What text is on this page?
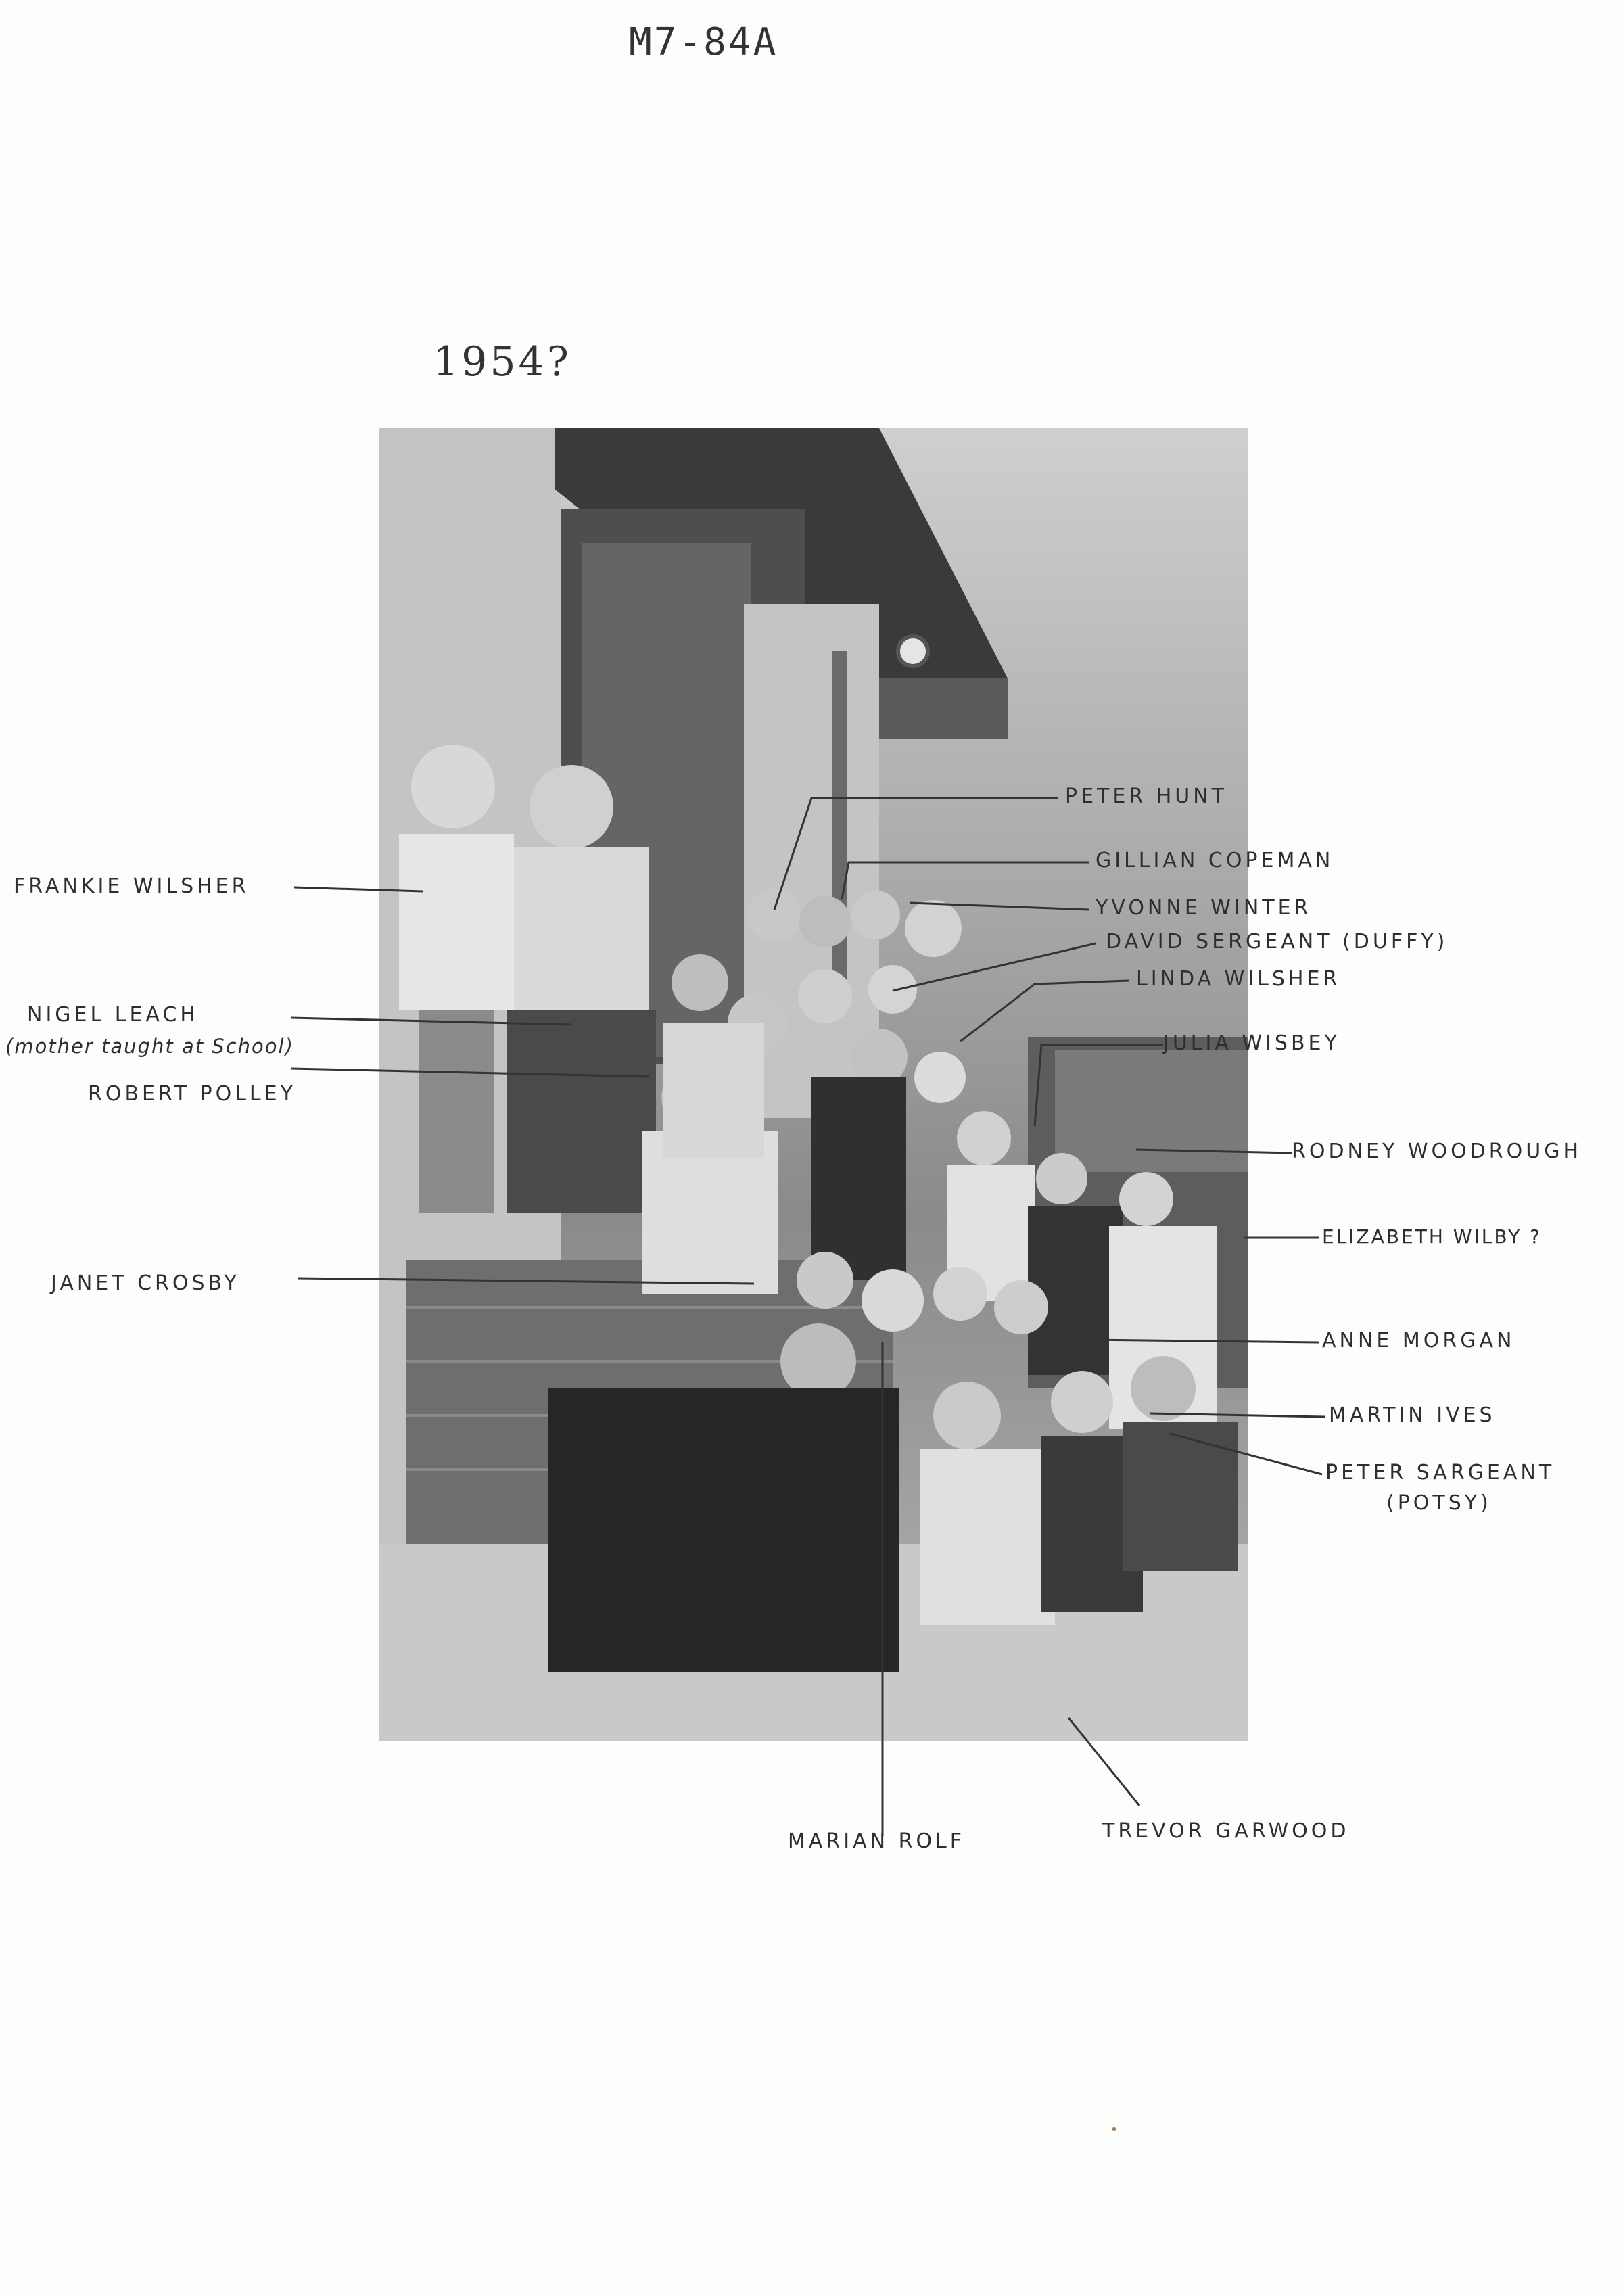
M7-84A
1954?
PETER HUNT
GILLIAN COPEMAN
YVONNE WINTER
DAVID SERGEANT (DUFFY)
LINDA WILSHER
JULIA WISBEY
RODNEY WOODROUGH
ELIZABETH WILBY ?
ANNE MORGAN
MARTIN IVES
PETER SARGEANT
(POTSY)
FRANKIE WILSHER
NIGEL LEACH
(mother taught at School)
ROBERT POLLEY
JANET CROSBY
MARIAN ROLF	TREVOR GARWOOD
